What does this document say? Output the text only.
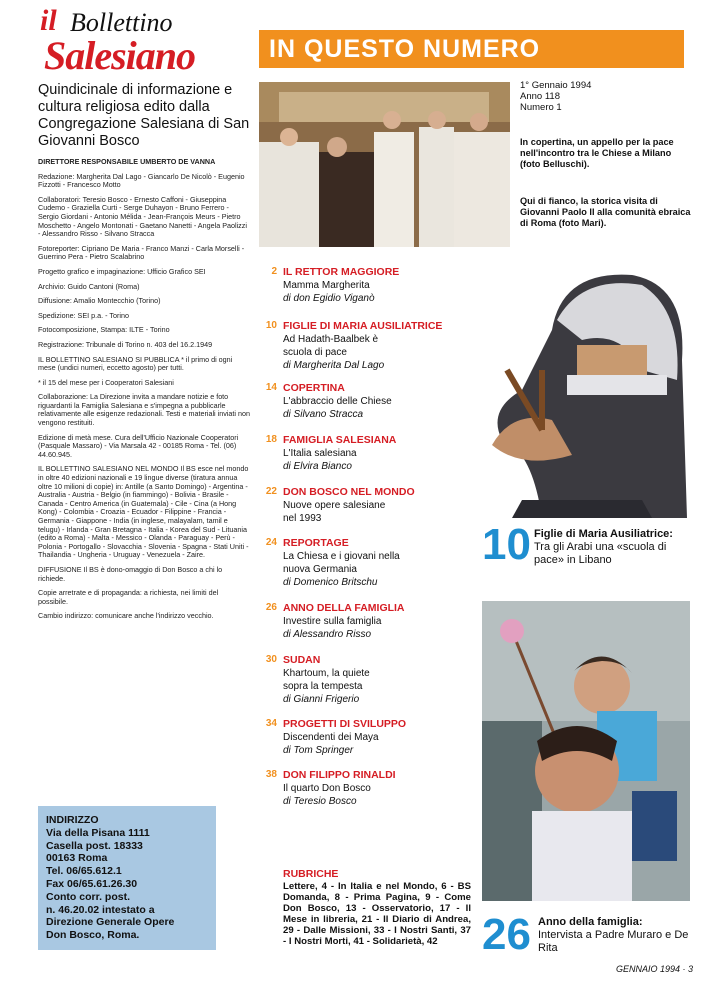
il Bollettino
Salesiano
Quindicinale di informazione e cultura religiosa edito dalla Congregazione Salesiana di San Giovanni Bosco
DIRETTORE RESPONSABILE UMBERTO DE VANNA
Redazione: Margherita Dal Lago - Giancarlo De Nicolò - Eugenio Fizzotti - Francesco Motto
Collaboratori: Teresio Bosco - Ernesto Caffoni - Giuseppina Cudemo - Graziella Curti - Serge Duhayon - Bruno Ferrero - Sergio Giordani - Antonio Mélida - Jean-François Meurs - Pietro Moschetto - Angelo Montonati - Gaetano Nanetti - Angela Paolizzi - Alessandro Risso - Silvano Stracca
Fotoreporter: Cipriano De Maria - Franco Manzi - Carla Morselli - Guerrino Pera - Pietro Scalabrino
Progetto grafico e impaginazione: Ufficio Grafico SEI
Archivio: Guido Cantoni (Roma)
Diffusione: Amalio Montecchio (Torino)
Spedizione: SEI p.a. - Torino
Fotocomposizione, Stampa: ILTE - Torino
Registrazione: Tribunale di Torino n. 403 del 16.2.1949
IL BOLLETTINO SALESIANO SI PUBBLICA * il primo di ogni mese (undici numeri, eccetto agosto) per tutti.
* il 15 del mese per i Cooperatori Salesiani
Collaborazione: La Direzione invita a mandare notizie e foto riguardanti la Famiglia Salesiana e s'impegna a pubblicarle relativamente alle esigenze redazionali. Testi e materiali inviati non vengono restituiti.
Edizione di metà mese. Cura dell'Ufficio Nazionale Cooperatori (Pasquale Massaro) - Via Marsala 42 - 00185 Roma - Tel. (06) 44.60.945.
IL BOLLETTINO SALESIANO NEL MONDO Il BS esce nel mondo in oltre 40 edizioni nazionali e 19 lingue diverse (tiratura annua oltre 10 milioni di copie) in: Antille (a Santo Domingo) - Argentina - Australia - Austria - Belgio (in fiammingo) - Bolivia - Brasile - Canada - Centro America (in Guatemala) - Cile - Cina (a Hong Kong) - Colombia - Croazia - Ecuador - Filippine - Francia - Germania - Giappone - India (in inglese, malayalam, tamil e telugu) - Irlanda - Gran Bretagna - Italia - Korea del Sud - Lituania (edito a Roma) - Malta - Messico - Olanda - Paraguay - Perù - Polonia - Portogallo - Slovacchia - Slovenia - Spagna - Stati Uniti - Thailandia - Ungheria - Uruguay - Venezuela - Zaire.
DIFFUSIONE Il BS è dono-omaggio di Don Bosco a chi lo richiede.
Copie arretrate e di propaganda: a richiesta, nei limiti del possibile.
Cambio indirizzo: comunicare anche l'indirizzo vecchio.
INDIRIZZO
Via della Pisana 1111
Casella post. 18333
00163 Roma
Tel. 06/65.612.1
Fax 06/65.61.26.30
Conto corr. post.
n. 46.20.02 intestato a
Direzione Generale Opere
Don Bosco, Roma.
IN QUESTO NUMERO
1° Gennaio 1994
Anno 118
Numero 1
In copertina, un appello per la pace nell'incontro tra le Chiese a Milano (foto Belluschi).
Qui di fianco, la storica visita di Giovanni Paolo II alla comunità ebraica di Roma (foto Mari).
10 Figlie di Maria Ausiliatrice:
Tra gli Arabi una «scuola di pace» in Libano
26 Anno della famiglia:
Intervista a Padre Muraro e De Rita
2 IL RETTOR MAGGIORE
Mamma Margherita
di don Egidio Viganò
10 FIGLIE DI MARIA AUSILIATRICE
Ad Hadath-Baalbek è
scuola di pace
di Margherita Dal Lago
14 COPERTINA
L'abbraccio delle Chiese
di Silvano Stracca
18 FAMIGLIA SALESIANA
L'Italia salesiana
di Elvira Bianco
22 DON BOSCO NEL MONDO
Nuove opere salesiane
nel 1993
24 REPORTAGE
La Chiesa e i giovani nella
nuova Germania
di Domenico Britschu
26 ANNO DELLA FAMIGLIA
Investire sulla famiglia
di Alessandro Risso
30 SUDAN
Khartoum, la quiete
sopra la tempesta
di Gianni Frigerio
34 PROGETTI DI SVILUPPO
Discendenti dei Maya
di Tom Springer
38 DON FILIPPO RINALDI
Il quarto Don Bosco
di Teresio Bosco
RUBRICHE
Lettere, 4 - In Italia e nel Mondo, 6 - BS Domanda, 8 - Prima Pagina, 9 - Come Don Bosco, 13 - Osservatorio, 17 - Il Mese in libreria, 21 - Il Diario di Andrea, 29 - Dalle Missioni, 33 - I Nostri Santi, 37 - I Nostri Morti, 41 - Solidarietà, 42
GENNAIO 1994 · 3
